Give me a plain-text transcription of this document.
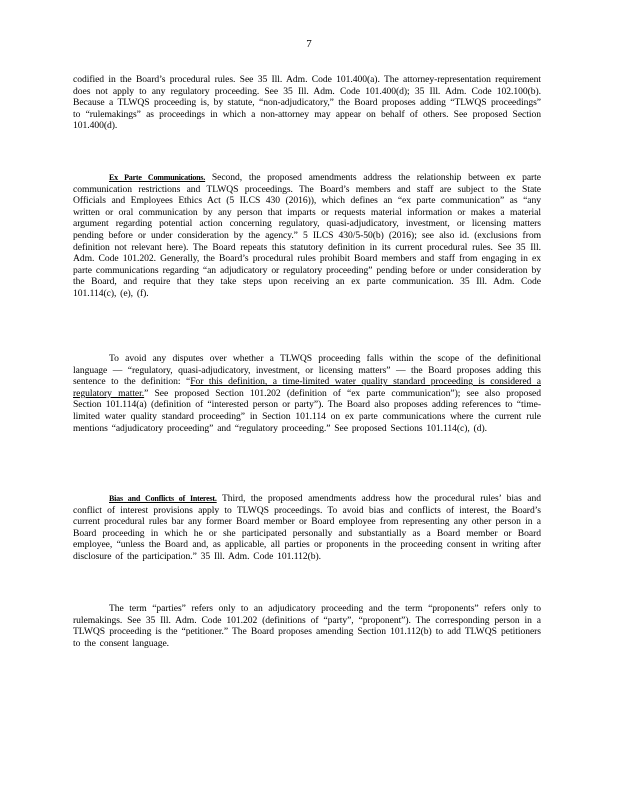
7

codified in the Board’s procedural rules. See 35 Ill. Adm. Code 101.400(a). The attorney-representation requirement does not apply to any regulatory proceeding. See 35 Ill. Adm. Code 101.400(d); 35 Ill. Adm. Code 102.100(b). Because a TLWQS proceeding is, by statute, “non-adjudicatory,” the Board proposes adding “TLWQS proceedings” to “rulemakings” as proceedings in which a non-attorney may appear on behalf of others. See proposed Section 101.400(d).

Ex Parte Communications. Second, the proposed amendments address the relationship between ex parte communication restrictions and TLWQS proceedings. The Board’s members and staff are subject to the State Officials and Employees Ethics Act (5 ILCS 430 (2016)), which defines an “ex parte communication” as “any written or oral communication by any person that imparts or requests material information or makes a material argument regarding potential action concerning regulatory, quasi-adjudicatory, investment, or licensing matters pending before or under consideration by the agency.” 5 ILCS 430/5-50(b) (2016); see also id. (exclusions from definition not relevant here). The Board repeats this statutory definition in its current procedural rules. See 35 Ill. Adm. Code 101.202. Generally, the Board’s procedural rules prohibit Board members and staff from engaging in ex parte communications regarding “an adjudicatory or regulatory proceeding” pending before or under consideration by the Board, and require that they take steps upon receiving an ex parte communication. 35 Ill. Adm. Code 101.114(c), (e), (f).

To avoid any disputes over whether a TLWQS proceeding falls within the scope of the definitional language — “regulatory, quasi-adjudicatory, investment, or licensing matters” — the Board proposes adding this sentence to the definition: “For this definition, a time-limited water quality standard proceeding is considered a regulatory matter.” See proposed Section 101.202 (definition of “ex parte communication”); see also proposed Section 101.114(a) (definition of “interested person or party”). The Board also proposes adding references to “time-limited water quality standard proceeding” in Section 101.114 on ex parte communications where the current rule mentions “adjudicatory proceeding” and “regulatory proceeding.” See proposed Sections 101.114(c), (d).

Bias and Conflicts of Interest. Third, the proposed amendments address how the procedural rules’ bias and conflict of interest provisions apply to TLWQS proceedings. To avoid bias and conflicts of interest, the Board’s current procedural rules bar any former Board member or Board employee from representing any other person in a Board proceeding in which he or she participated personally and substantially as a Board member or Board employee, “unless the Board and, as applicable, all parties or proponents in the proceeding consent in writing after disclosure of the participation.” 35 Ill. Adm. Code 101.112(b).

The term “parties” refers only to an adjudicatory proceeding and the term “proponents” refers only to rulemakings. See 35 Ill. Adm. Code 101.202 (definitions of “party”, “proponent”). The corresponding person in a TLWQS proceeding is the “petitioner.” The Board proposes amending Section 101.112(b) to add TLWQS petitioners to the consent language.
